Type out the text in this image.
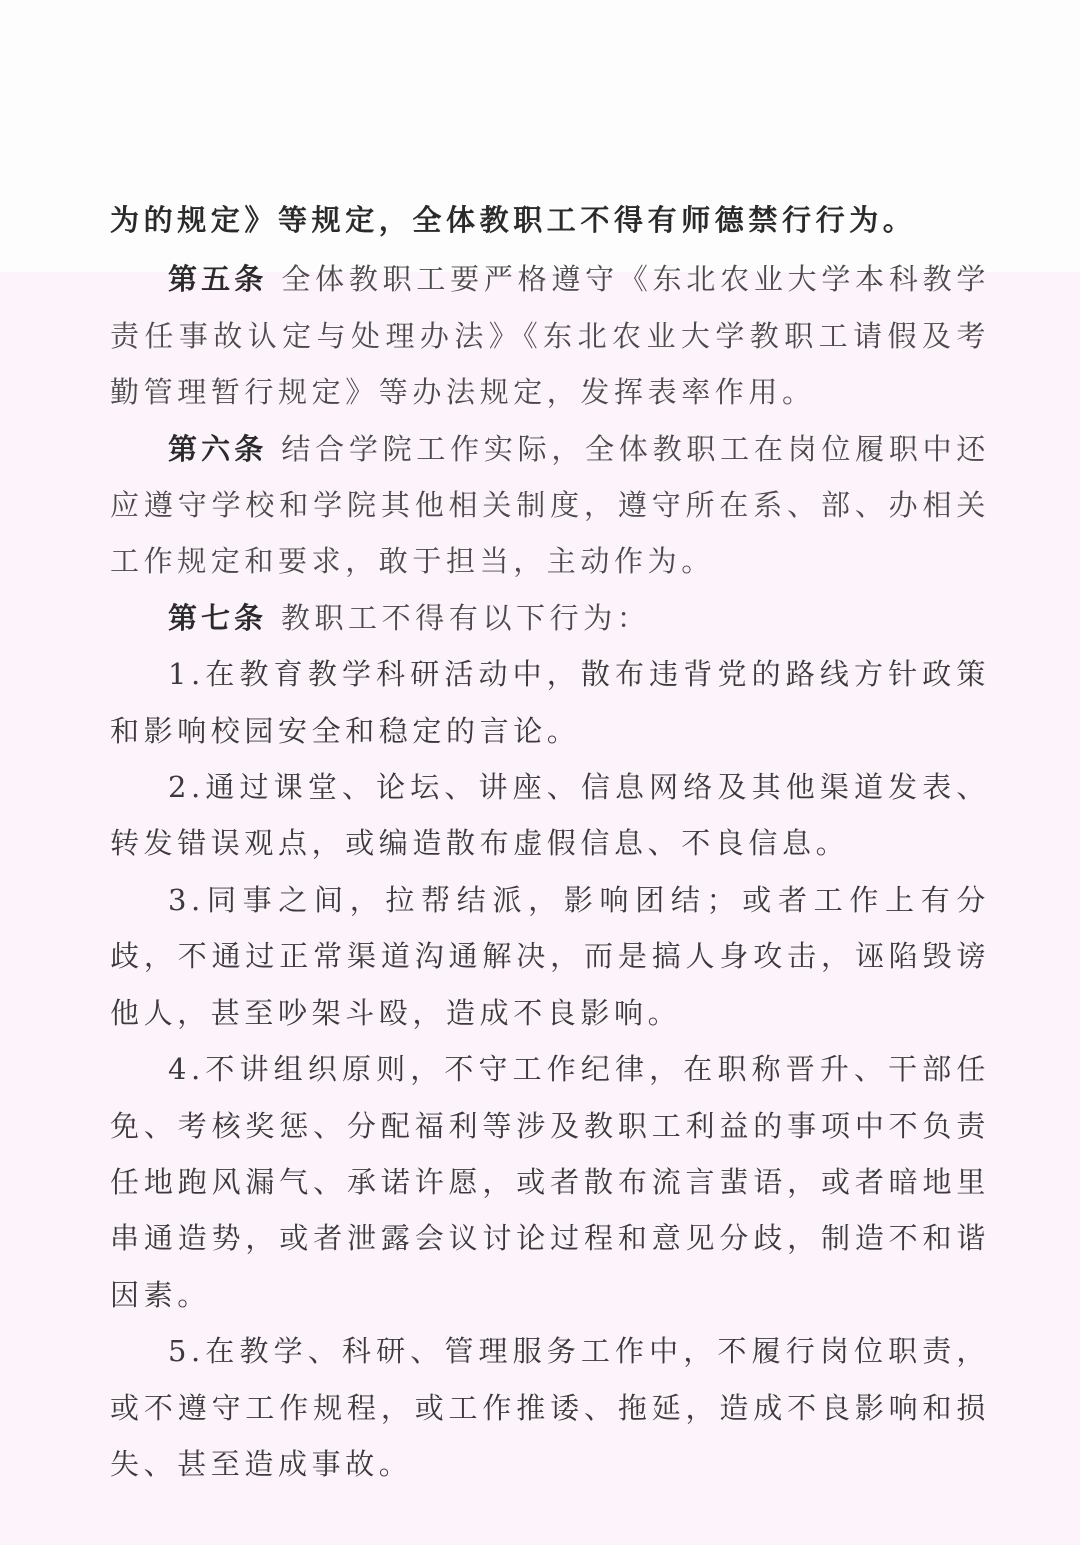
为的规定》等规定，全体教职工不得有师德禁行行为。

第五条 全体教职工要严格遵守《东北农业大学本科教学责任事故认定与处理办法》《东北农业大学教职工请假及考勤管理暂行规定》等办法规定，发挥表率作用。

第六条 结合学院工作实际，全体教职工在岗位履职中还应遵守学校和学院其他相关制度，遵守所在系、部、办相关工作规定和要求，敢于担当，主动作为。

第七条 教职工不得有以下行为：

1.在教育教学科研活动中，散布违背党的路线方针政策和影响校园安全和稳定的言论。

2.通过课堂、论坛、讲座、信息网络及其他渠道发表、转发错误观点，或编造散布虚假信息、不良信息。

3.同事之间，拉帮结派，影响团结；或者工作上有分歧，不通过正常渠道沟通解决，而是搞人身攻击，诬陷毁谤他人，甚至吵架斗殴，造成不良影响。

4.不讲组织原则，不守工作纪律，在职称晋升、干部任免、考核奖惩、分配福利等涉及教职工利益的事项中不负责任地跑风漏气、承诺许愿，或者散布流言蜚语，或者暗地里串通造势，或者泄露会议讨论过程和意见分歧，制造不和谐因素。

5.在教学、科研、管理服务工作中，不履行岗位职责，或不遵守工作规程，或工作推诿、拖延，造成不良影响和损失、甚至造成事故。
